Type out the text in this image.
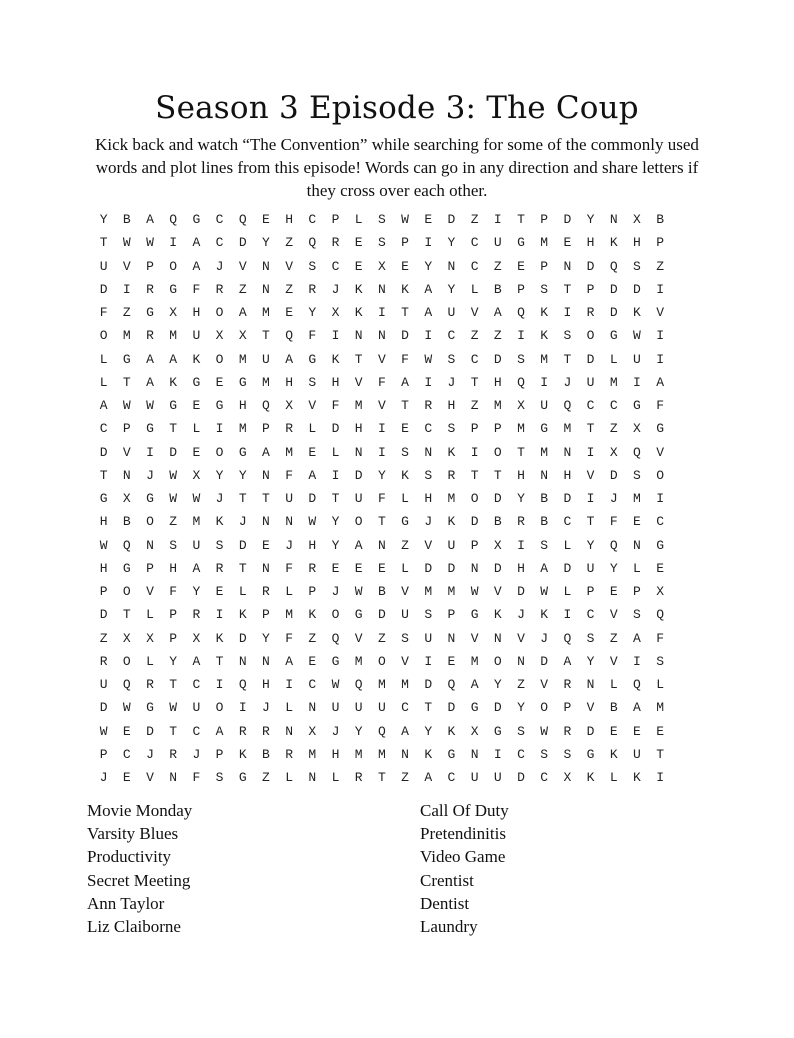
Season 3 Episode 3: The Coup
Kick back and watch “The Convention” while searching for some of the commonly used words and plot lines from this episode! Words can go in any direction and share letters if they cross over each other.
Y	B	A	Q	G	C	Q	E	H	C	P	L	S	W	E	D	Z	I	T	P	D	Y	N	X	B
T	W	W	I	A	C	D	Y	Z	Q	R	E	S	P	I	Y	C	U	G	M	E	H	K	H	P
U	V	P	O	A	J	V	N	V	S	C	E	X	E	Y	N	C	Z	E	P	N	D	Q	S	Z
D	I	R	G	F	R	Z	N	Z	R	J	K	N	K	A	Y	L	B	P	S	T	P	D	D	I
F	Z	G	X	H	O	A	M	E	Y	X	K	I	T	A	U	V	A	Q	K	I	R	D	K	V
O	M	R	M	U	X	X	T	Q	F	I	N	N	D	I	C	Z	Z	I	K	S	O	G	W	I
L	G	A	A	K	O	M	U	A	G	K	T	V	F	W	S	C	D	S	M	T	D	L	U	I
L	T	A	K	G	E	G	M	H	S	H	V	F	A	I	J	T	H	Q	I	J	U	M	I	A
A	W	W	G	E	G	H	Q	X	V	F	M	V	T	R	H	Z	M	X	U	Q	C	C	G	F
C	P	G	T	L	I	M	P	R	L	D	H	I	E	C	S	P	P	M	G	M	T	Z	X	G
D	V	I	D	E	O	G	A	M	E	L	N	I	S	N	K	I	O	T	M	N	I	X	Q	V
T	N	J	W	X	Y	Y	N	F	A	I	D	Y	K	S	R	T	T	H	N	H	V	D	S	O
G	X	G	W	W	J	T	T	U	D	T	U	F	L	H	M	O	D	Y	B	D	I	J	M	I
H	B	O	Z	M	K	J	N	N	W	Y	O	T	G	J	K	D	B	R	B	C	T	F	E	C
W	Q	N	S	U	S	D	E	J	H	Y	A	N	Z	V	U	P	X	I	S	L	Y	Q	N	G
H	G	P	H	A	R	T	N	F	R	E	E	E	L	D	D	N	D	H	A	D	U	Y	L	E
P	O	V	F	Y	E	L	R	L	P	J	W	B	V	M	M	W	V	D	W	L	P	E	P	X
D	T	L	P	R	I	K	P	M	K	O	G	D	U	S	P	G	K	J	K	I	C	V	S	Q
Z	X	X	P	X	K	D	Y	F	Z	Q	V	Z	S	U	N	V	N	V	J	Q	S	Z	A	F
R	O	L	Y	A	T	N	N	A	E	G	M	O	V	I	E	M	O	N	D	A	Y	V	I	S
U	Q	R	T	C	I	Q	H	I	C	W	Q	M	M	D	Q	A	Y	Z	V	R	N	L	Q	L
D	W	G	W	U	O	I	J	L	N	U	U	U	C	T	D	G	D	Y	O	P	V	B	A	M
W	E	D	T	C	A	R	R	N	X	J	Y	Q	A	Y	K	X	G	S	W	R	D	E	E	E
P	C	J	R	J	P	K	B	R	M	H	M	M	N	K	G	N	I	C	S	S	G	K	U	T
J	E	V	N	F	S	G	Z	L	N	L	R	T	Z	A	C	U	U	D	C	X	K	L	K	I
Movie Monday
Varsity Blues
Productivity
Secret Meeting
Ann Taylor
Liz Claiborne
Call Of Duty
Pretendinitis
Video Game
Crentist
Dentist
Laundry
